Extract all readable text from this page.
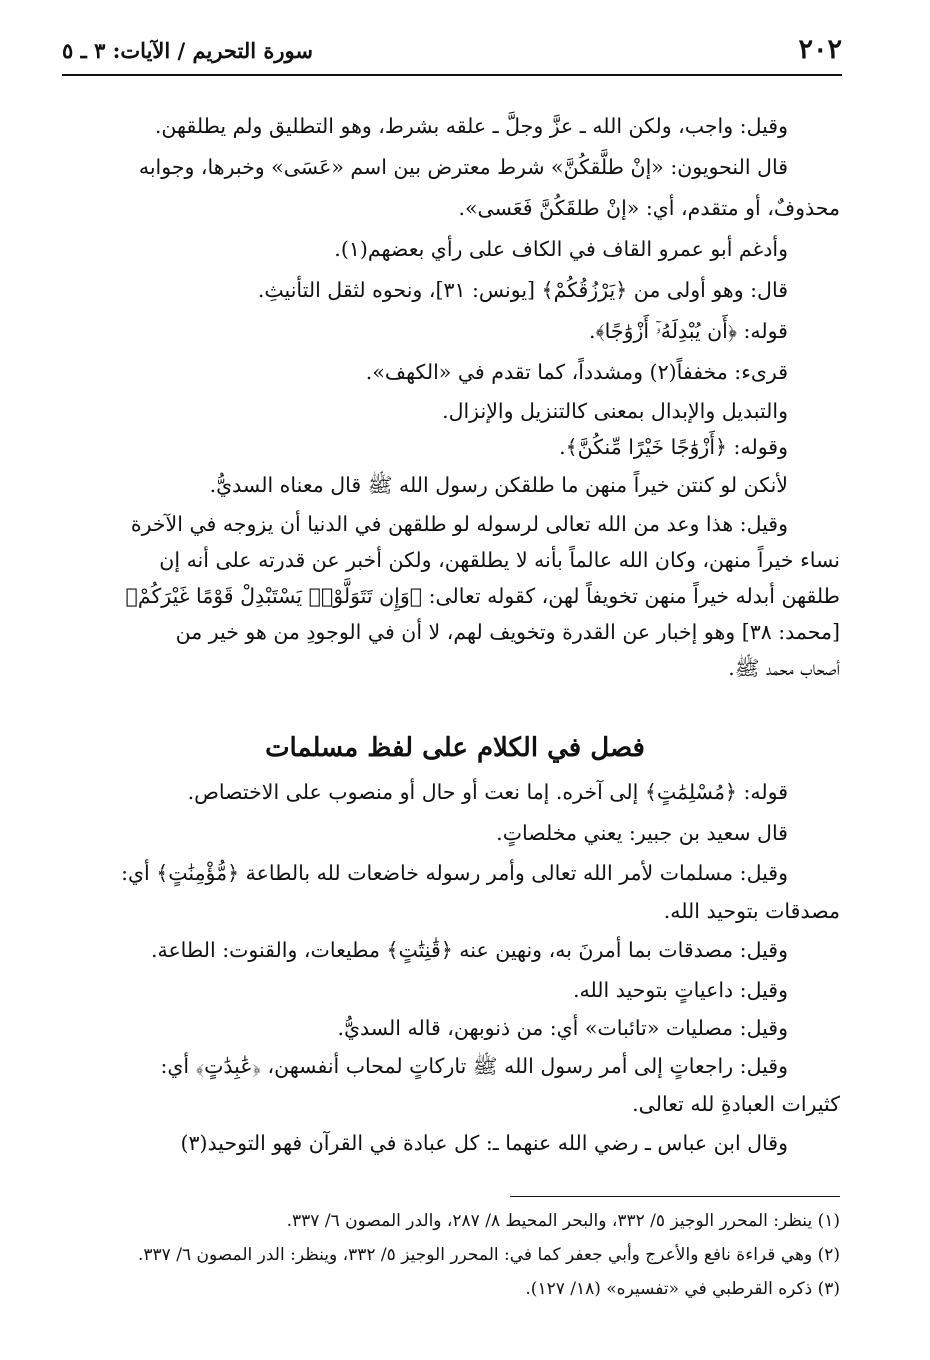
٢٠٢
سورة التحريم / الآيات: ٣ ـ ٥
وقيل: واجب، ولكن الله ـ عزَّ وجلَّ ـ علقه بشرط، وهو التطليق ولم يطلقهن.
قال النحويون: «إنْ طلَّقكُنَّ» شرط معترض بين اسم «عَسَى» وخبرها، وجوابه
محذوفٌ، أو متقدم، أي: «إنْ طلقَكُنَّ فَعَسى».
وأدغم أبو عمرو القاف في الكاف على رأي بعضهم(١).
قال: وهو أولى من ﴿يَرْزُقُكُمْ﴾ [يونس: ٣١]، ونحوه لثقل التأنيثِ.
قوله: ﴿أَن يُبْدِلَهُۥٓ أَزْوَٰجًا﴾.
قرىء: مخففاً(٢) ومشدداً، كما تقدم في «الكهف».
والتبديل والإبدال بمعنى كالتنزيل والإنزال.
وقوله: ﴿أَزْوَٰجًا خَيْرًا مِّنكُنَّ﴾.
لأنكن لو كنتن خيراً منهن ما طلقكن رسول الله ﷺ قال معناه السديُّ.
وقيل: هذا وعد من الله تعالى لرسوله لو طلقهن في الدنيا أن يزوجه في الآخرة
نساء خيراً منهن، وكان الله عالماً بأنه لا يطلقهن، ولكن أخبر عن قدرته على أنه إن
طلقهن أبدله خيراً منهن تخويفاً لهن، كقوله تعالى: ﴿وَإِن تَتَوَلَّوْا۟ يَسْتَبْدِلْ قَوْمًا غَيْرَكُمْ﴾
[محمد: ٣٨] وهو إخبار عن القدرة وتخويف لهم، لا أن في الوجودِ من هو خير من
أصحاب محمد ﷺ.
فصل في الكلام على لفظ مسلمات
قوله: ﴿مُسْلِمَٰتٍ﴾ إلى آخره. إما نعت أو حال أو منصوب على الاختصاص.
قال سعيد بن جبير: يعني مخلصاتٍ.
وقيل: مسلمات لأمر الله تعالى وأمر رسوله خاضعات لله بالطاعة ﴿مُّؤْمِنَٰتٍ﴾ أي:
مصدقات بتوحيد الله.
وقيل: مصدقات بما أمرنَ به، ونهين عنه ﴿قَٰنِتَٰتٍ﴾ مطيعات، والقنوت: الطاعة.
وقيل: داعياتٍ بتوحيد الله.
وقيل: مصليات «تائبات» أي: من ذنوبهن، قاله السديُّ.
وقيل: راجعاتٍ إلى أمر رسول الله ﷺ تاركاتٍ لمحاب أنفسهن، ﴿عَٰبِدَٰتٍ﴾ أي:
كثيرات العبادةِ لله تعالى.
وقال ابن عباس ـ رضي الله عنهما ـ: كل عبادة في القرآن فهو التوحيد(٣)
(١) ينظر: المحرر الوجيز ٥/ ٣٣٢، والبحر المحيط ٨/ ٢٨٧، والدر المصون ٦/ ٣٣٧.
(٢) وهي قراءة نافع والأعرج وأبي جعفر كما في: المحرر الوجيز ٥/ ٣٣٢، وينظر: الدر المصون ٦/ ٣٣٧.
(٣) ذكره القرطبي في «تفسيره» (١٨/ ١٢٧).
